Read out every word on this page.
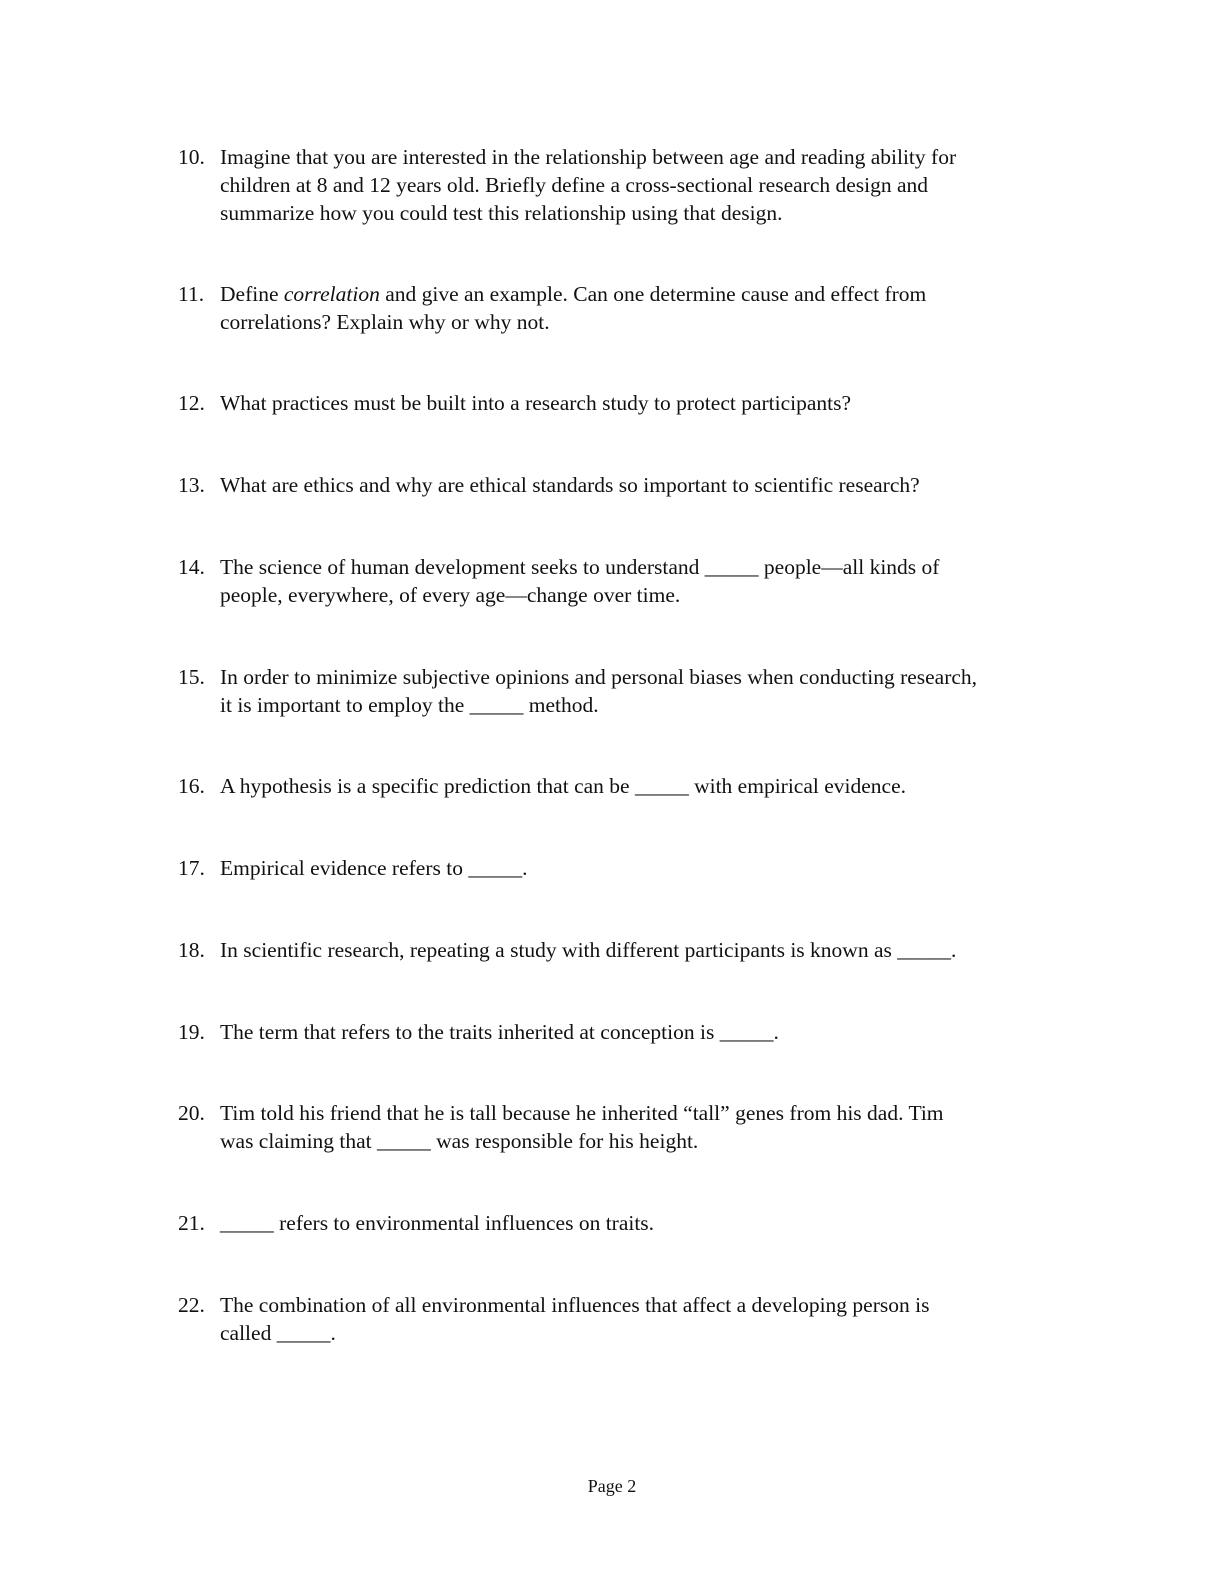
10. Imagine that you are interested in the relationship between age and reading ability for
children at 8 and 12 years old. Briefly define a cross-sectional research design and
summarize how you could test this relationship using that design.
11. Define correlation and give an example. Can one determine cause and effect from
correlations? Explain why or why not.
12. What practices must be built into a research study to protect participants?
13. What are ethics and why are ethical standards so important to scientific research?
14. The science of human development seeks to understand _____ people—all kinds of
people, everywhere, of every age—change over time.
15. In order to minimize subjective opinions and personal biases when conducting research,
it is important to employ the _____ method.
16. A hypothesis is a specific prediction that can be _____ with empirical evidence.
17. Empirical evidence refers to _____.
18. In scientific research, repeating a study with different participants is known as _____.
19. The term that refers to the traits inherited at conception is _____.
20. Tim told his friend that he is tall because he inherited “tall” genes from his dad. Tim
was claiming that _____ was responsible for his height.
21. _____ refers to environmental influences on traits.
22. The combination of all environmental influences that affect a developing person is
called _____.
Page 2
